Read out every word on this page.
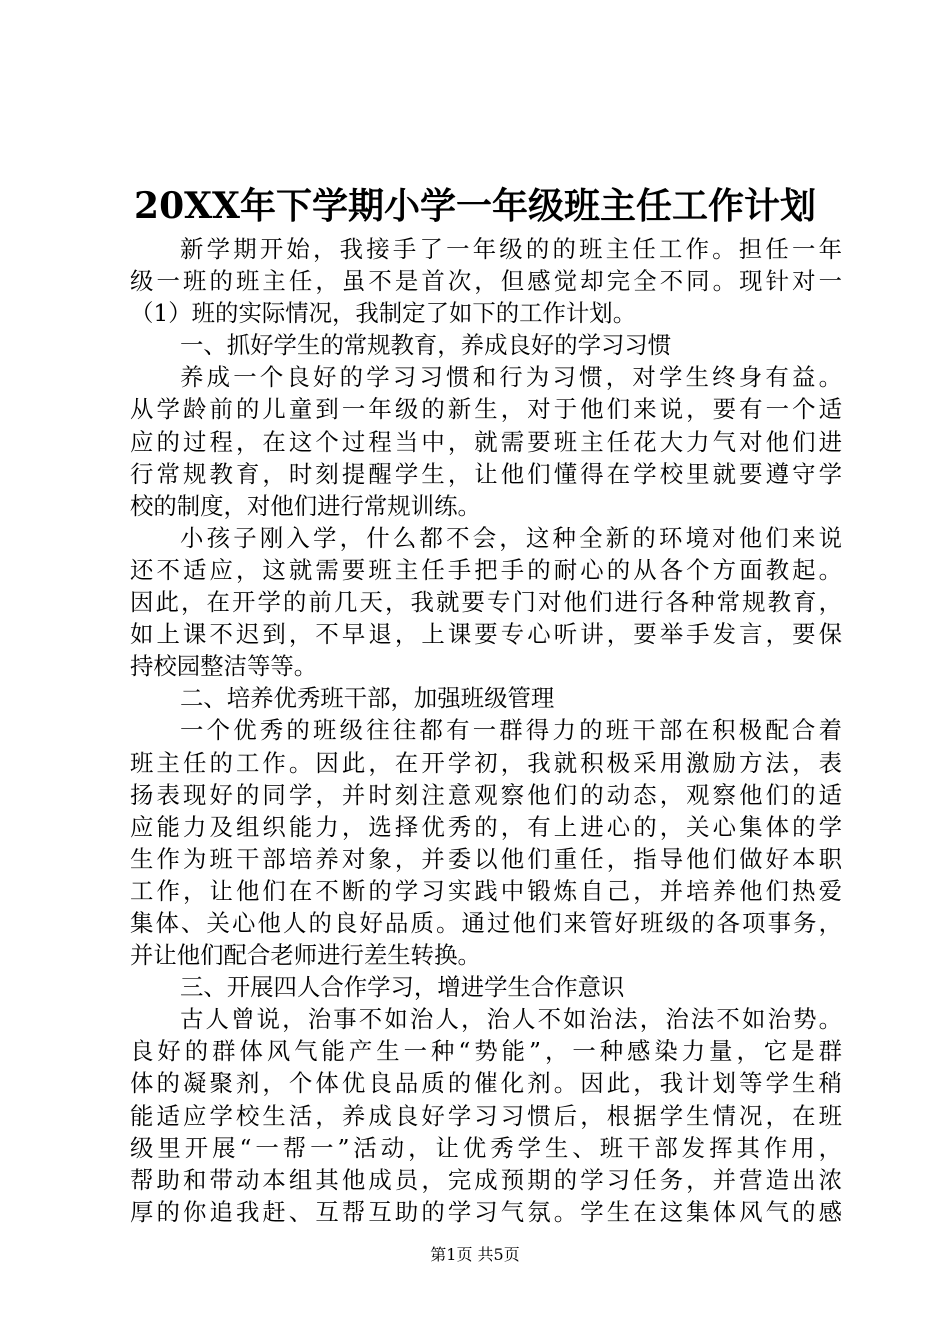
20XX年下学期小学一年级班主任工作计划
新学期开始，我接手了一年级的的班主任工作。担任一年
级一班的班主任，虽不是首次，但感觉却完全不同。现针对一
（1）班的实际情况，我制定了如下的工作计划。
一、抓好学生的常规教育，养成良好的学习习惯
养成一个良好的学习习惯和行为习惯，对学生终身有益。
从学龄前的儿童到一年级的新生，对于他们来说，要有一个适
应的过程，在这个过程当中，就需要班主任花大力气对他们进
行常规教育，时刻提醒学生，让他们懂得在学校里就要遵守学
校的制度，对他们进行常规训练。
小孩子刚入学，什么都不会，这种全新的环境对他们来说
还不适应，这就需要班主任手把手的耐心的从各个方面教起。
因此，在开学的前几天，我就要专门对他们进行各种常规教育，
如上课不迟到，不早退，上课要专心听讲，要举手发言，要保
持校园整洁等等。
二、培养优秀班干部，加强班级管理
一个优秀的班级往往都有一群得力的班干部在积极配合着
班主任的工作。因此，在开学初，我就积极采用激励方法，表
扬表现好的同学，并时刻注意观察他们的动态，观察他们的适
应能力及组织能力，选择优秀的，有上进心的，关心集体的学
生作为班干部培养对象，并委以他们重任，指导他们做好本职
工作，让他们在不断的学习实践中锻炼自己，并培养他们热爱
集体、关心他人的良好品质。通过他们来管好班级的各项事务，
并让他们配合老师进行差生转换。
三、开展四人合作学习，增进学生合作意识
古人曾说，治事不如治人，治人不如治法，治法不如治势。
良好的群体风气能产生一种“势能”，一种感染力量，它是群
体的凝聚剂，个体优良品质的催化剂。因此，我计划等学生稍
能适应学校生活，养成良好学习习惯后，根据学生情况，在班
级里开展“一帮一”活动，让优秀学生、班干部发挥其作用，
帮助和带动本组其他成员，完成预期的学习任务，并营造出浓
厚的你追我赶、互帮互助的学习气氛。学生在这集体风气的感
第1页 共5页
